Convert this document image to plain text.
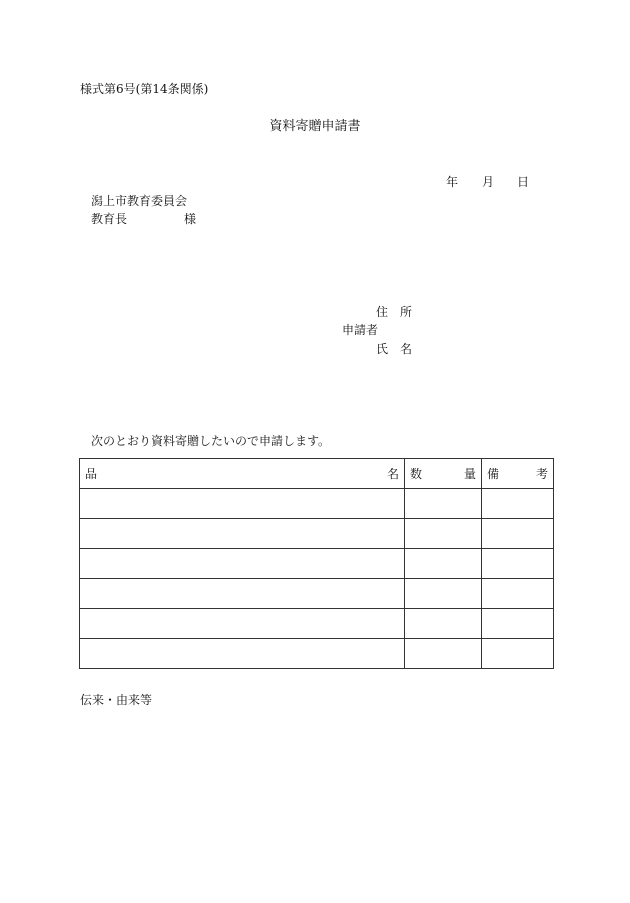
様式第6号(第14条関係)
資料寄贈申請書
年 月 日
潟上市教育委員会
教育長	様
住　所
申請者
氏　名
次のとおり資料寄贈したいので申請します。
品 名	数 量	備 考

伝来・由来等
